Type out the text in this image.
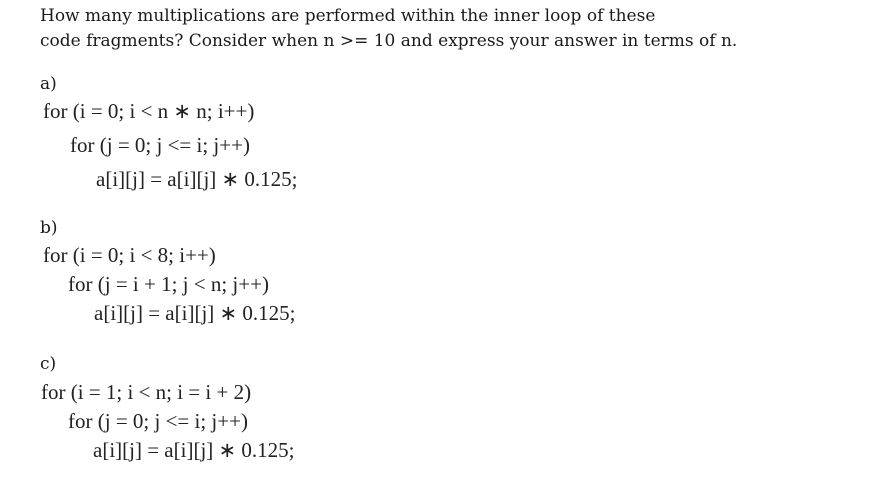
How many multiplications are performed within the inner loop of these
code fragments? Consider when n >= 10 and express your answer in terms of n.
a)
for (i = 0; i < n ∗ n; i++)
for (j = 0; j <= i; j++)
a[i][j] = a[i][j] ∗ 0.125;
b)
for (i = 0; i < 8; i++)
for (j = i + 1; j < n; j++)
a[i][j] = a[i][j] ∗ 0.125;
c)
for (i = 1; i < n; i = i + 2)
for (j = 0; j <= i; j++)
a[i][j] = a[i][j] ∗ 0.125;
